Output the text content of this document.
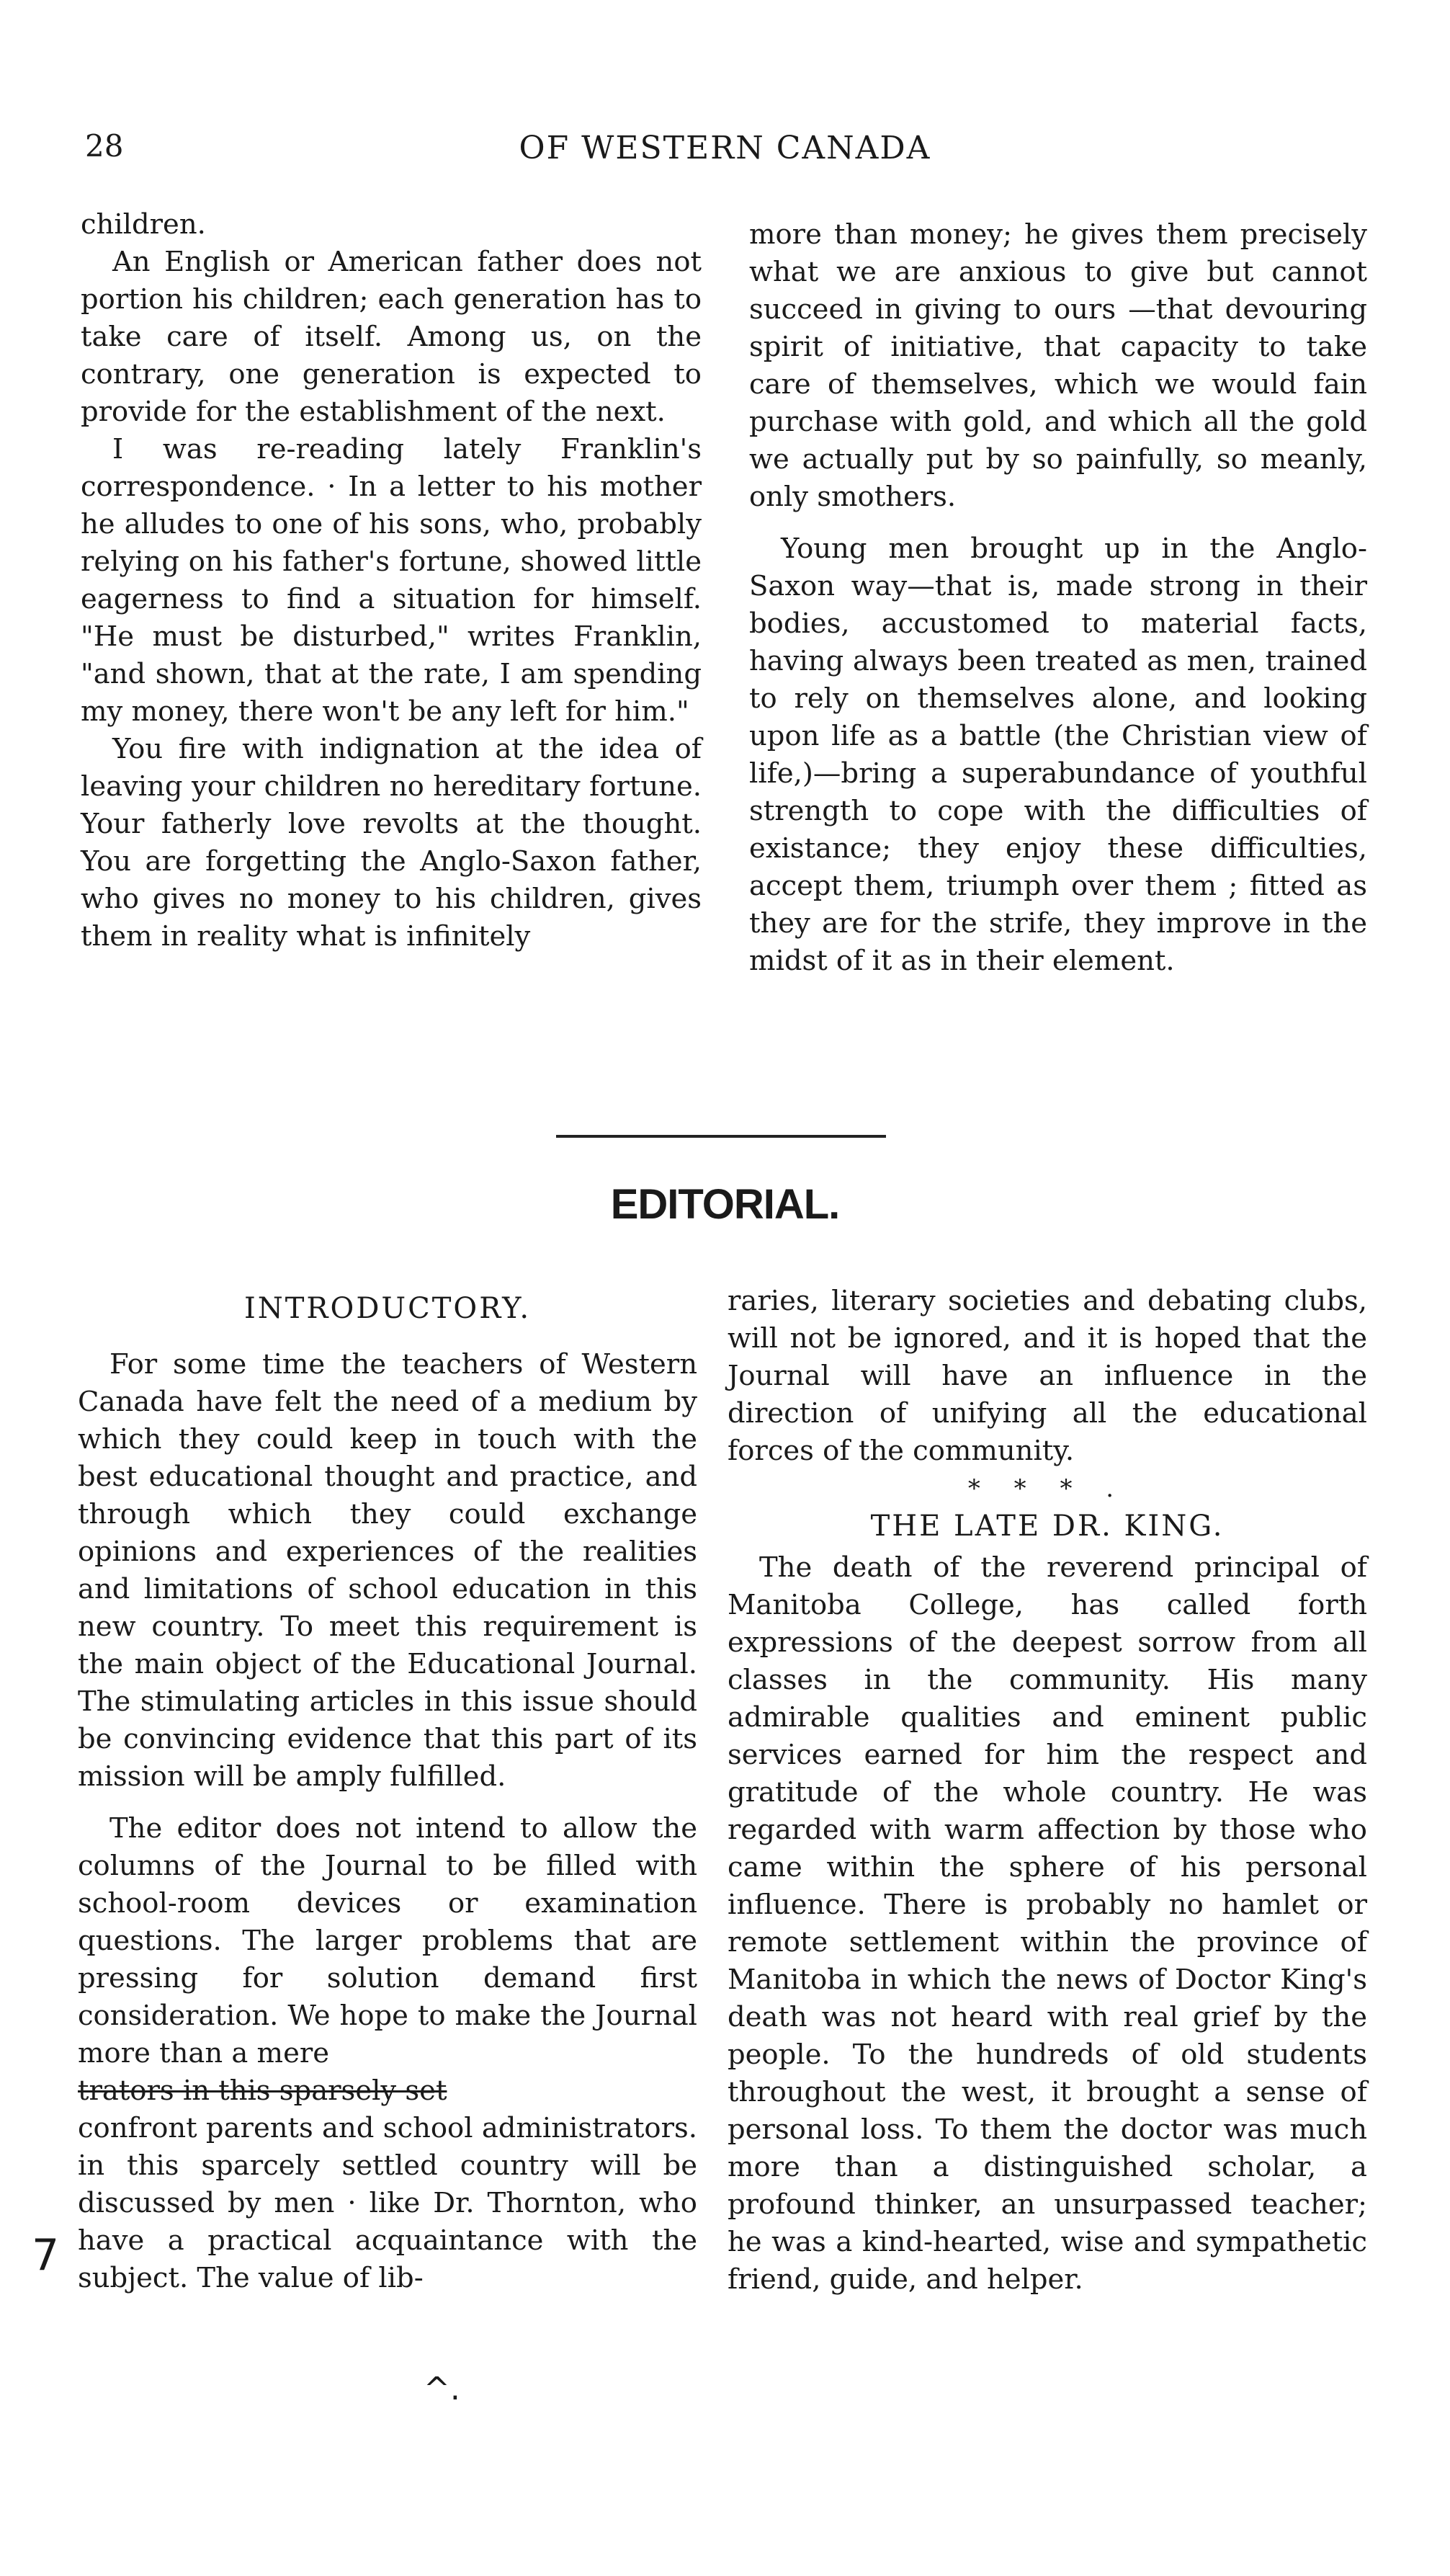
28	OF WESTERN CANADA

children.

An English or American father does not portion his children; each generation has to take care of itself. Among us, on the contrary, one generation is expected to provide for the establishment of the next.

I was re-reading lately Franklin's correspondence. · In a letter to his mother he alludes to one of his sons, who, probably relying on his father's fortune, showed little eagerness to find a situation for himself. "He must be disturbed," writes Franklin, "and shown, that at the rate, I am spending my money, there won't be any left for him."

You fire with indignation at the idea of leaving your children no hereditary fortune. Your fatherly love revolts at the thought. You are forgetting the Anglo-Saxon father, who gives no money to his children, gives them in reality what is infinitely

more than money; he gives them precisely what we are anxious to give but cannot succeed in giving to ours —that devouring spirit of initiative, that capacity to take care of themselves, which we would fain purchase with gold, and which all the gold we actually put by so painfully, so meanly, only smothers.

Young men brought up in the Anglo-Saxon way—that is, made strong in their bodies, accustomed to material facts, having always been treated as men, trained to rely on themselves alone, and looking upon life as a battle (the Christian view of life,)—bring a superabundance of youthful strength to cope with the difficulties of existance; they enjoy these difficulties, accept them, triumph over them ; fitted as they are for the strife, they improve in the midst of it as in their element.

EDITORIAL.

INTRODUCTORY.

For some time the teachers of Western Canada have felt the need of a medium by which they could keep in touch with the best educational thought and practice, and through which they could exchange opinions and experiences of the realities and limitations of school education in this new country. To meet this requirement is the main object of the Educational Journal. The stimulating articles in this issue should be convincing evidence that this part of its mission will be amply fulfilled.

The editor does not intend to allow the columns of the Journal to be filled with school-room devices or examination questions. The larger problems that are pressing for solution demand first consideration. We hope to make the Journal more than a mere

trators in this sparsely set

confront parents and school administrators. in this sparcely settled country will be discussed by men · like Dr. Thornton, who have a practical acquaintance with the subject. The value of lib-

raries, literary societies and debating clubs, will not be ignored, and it is hoped that the Journal will have an influence in the direction of unifying all the educational forces of the community.

* * * .

THE LATE DR. KING.

The death of the reverend principal of Manitoba College, has called forth expressions of the deepest sorrow from all classes in the community. His many admirable qualities and eminent public services earned for him the respect and gratitude of the whole country. He was regarded with warm affection by those who came within the sphere of his personal influence. There is probably no hamlet or remote settlement within the province of Manitoba in which the news of Doctor King's death was not heard with real grief by the people. To the hundreds of old students throughout the west, it brought a sense of personal loss. To them the doctor was much more than a distinguished scholar, a profound thinker, an unsurpassed teacher; he was a kind-hearted, wise and sympathetic friend, guide, and helper.

7
^.
